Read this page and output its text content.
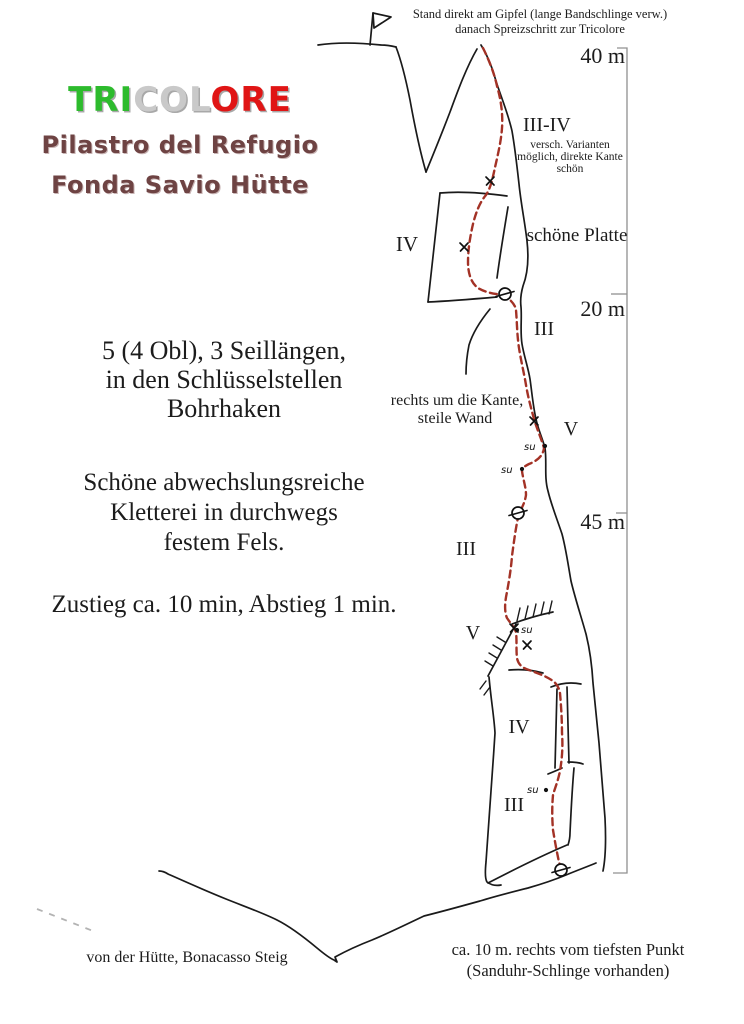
su
su
su
su
Stand direkt am Gipfel (lange Bandschlinge verw.)
danach Spreizschritt zur Tricolore
TRICOLORE
Pilastro del Refugio
Fonda Savio Hütte

5 (4 Obl), 3 Seillängen,
in den Schlüsselstellen
Bohrhaken

Schöne abwechslungsreiche
Kletterei in durchwegs
festem Fels.

Zustieg ca. 10 min, Abstieg 1 min.

III-IV
versch. Varianten
möglich, direkte Kante
schön
IV	schöne Platte
III
rechts um die Kante,
steile Wand	V
III
V
IV
III
40 m
20 m
45 m
von der Hütte, Bonacasso Steig	ca. 10 m. rechts vom tiefsten Punkt
(Sanduhr-Schlinge vorhanden)
